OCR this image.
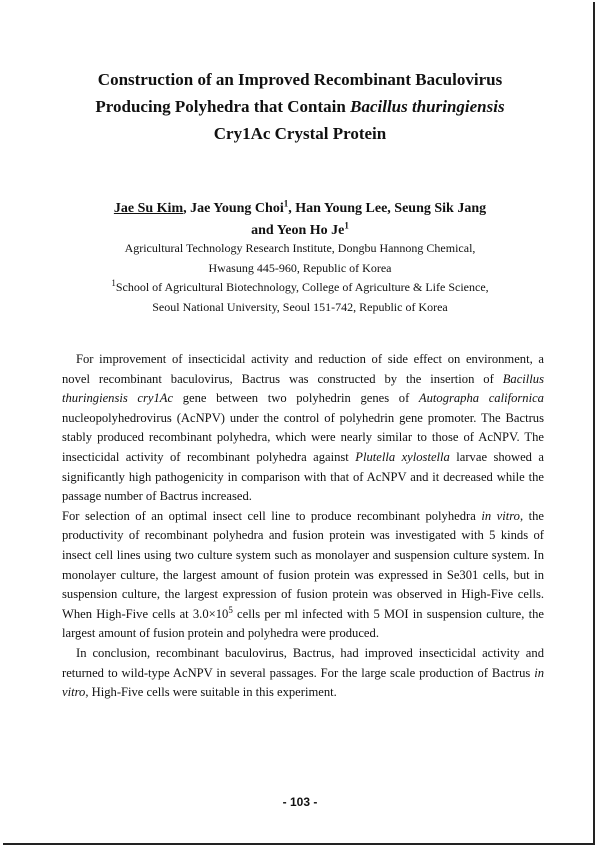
Construction of an Improved Recombinant Baculovirus
Producing Polyhedra that Contain Bacillus thuringiensis
Cry1Ac Crystal Protein
Jae Su Kim, Jae Young Choi$^1$, Han Young Lee, Seung Sik Jang
and Yeon Ho Je$^1$
Agricultural Technology Research Institute, Dongbu Hannong Chemical,
Hwasung 445-960, Republic of Korea
$^1$School of Agricultural Biotechnology, College of Agriculture & Life Science,
Seoul National University, Seoul 151-742, Republic of Korea

For improvement of insecticidal activity and reduction of side effect on environment, a novel recombinant baculovirus, Bactrus was constructed by the insertion of Bacillus thuringiensis cry1Ac gene between two polyhedrin genes of Autographa californica nucleopolyhedrovirus (AcNPV) under the control of polyhedrin gene promoter. The Bactrus stably produced recombinant polyhedra, which were nearly similar to those of AcNPV. The insecticidal activity of recombinant polyhedra against Plutella xylostella larvae showed a significantly high pathogenicity in comparison with that of AcNPV and it decreased while the passage number of Bactrus increased.

For selection of an optimal insect cell line to produce recombinant polyhedra in vitro, the productivity of recombinant polyhedra and fusion protein was investigated with 5 kinds of insect cell lines using two culture system such as monolayer and suspension culture system. In monolayer culture, the largest amount of fusion protein was expressed in Se301 cells, but in suspension culture, the largest expression of fusion protein was observed in High-Five cells. When High-Five cells at $3.0\times 10^5$ cells per ml infected with 5 MOI in suspension culture, the largest amount of fusion protein and polyhedra were produced.

In conclusion, recombinant baculovirus, Bactrus, had improved insecticidal activity and returned to wild-type AcNPV in several passages. For the large scale production of Bactrus in vitro, High-Five cells were suitable in this experiment.

- 103 -
